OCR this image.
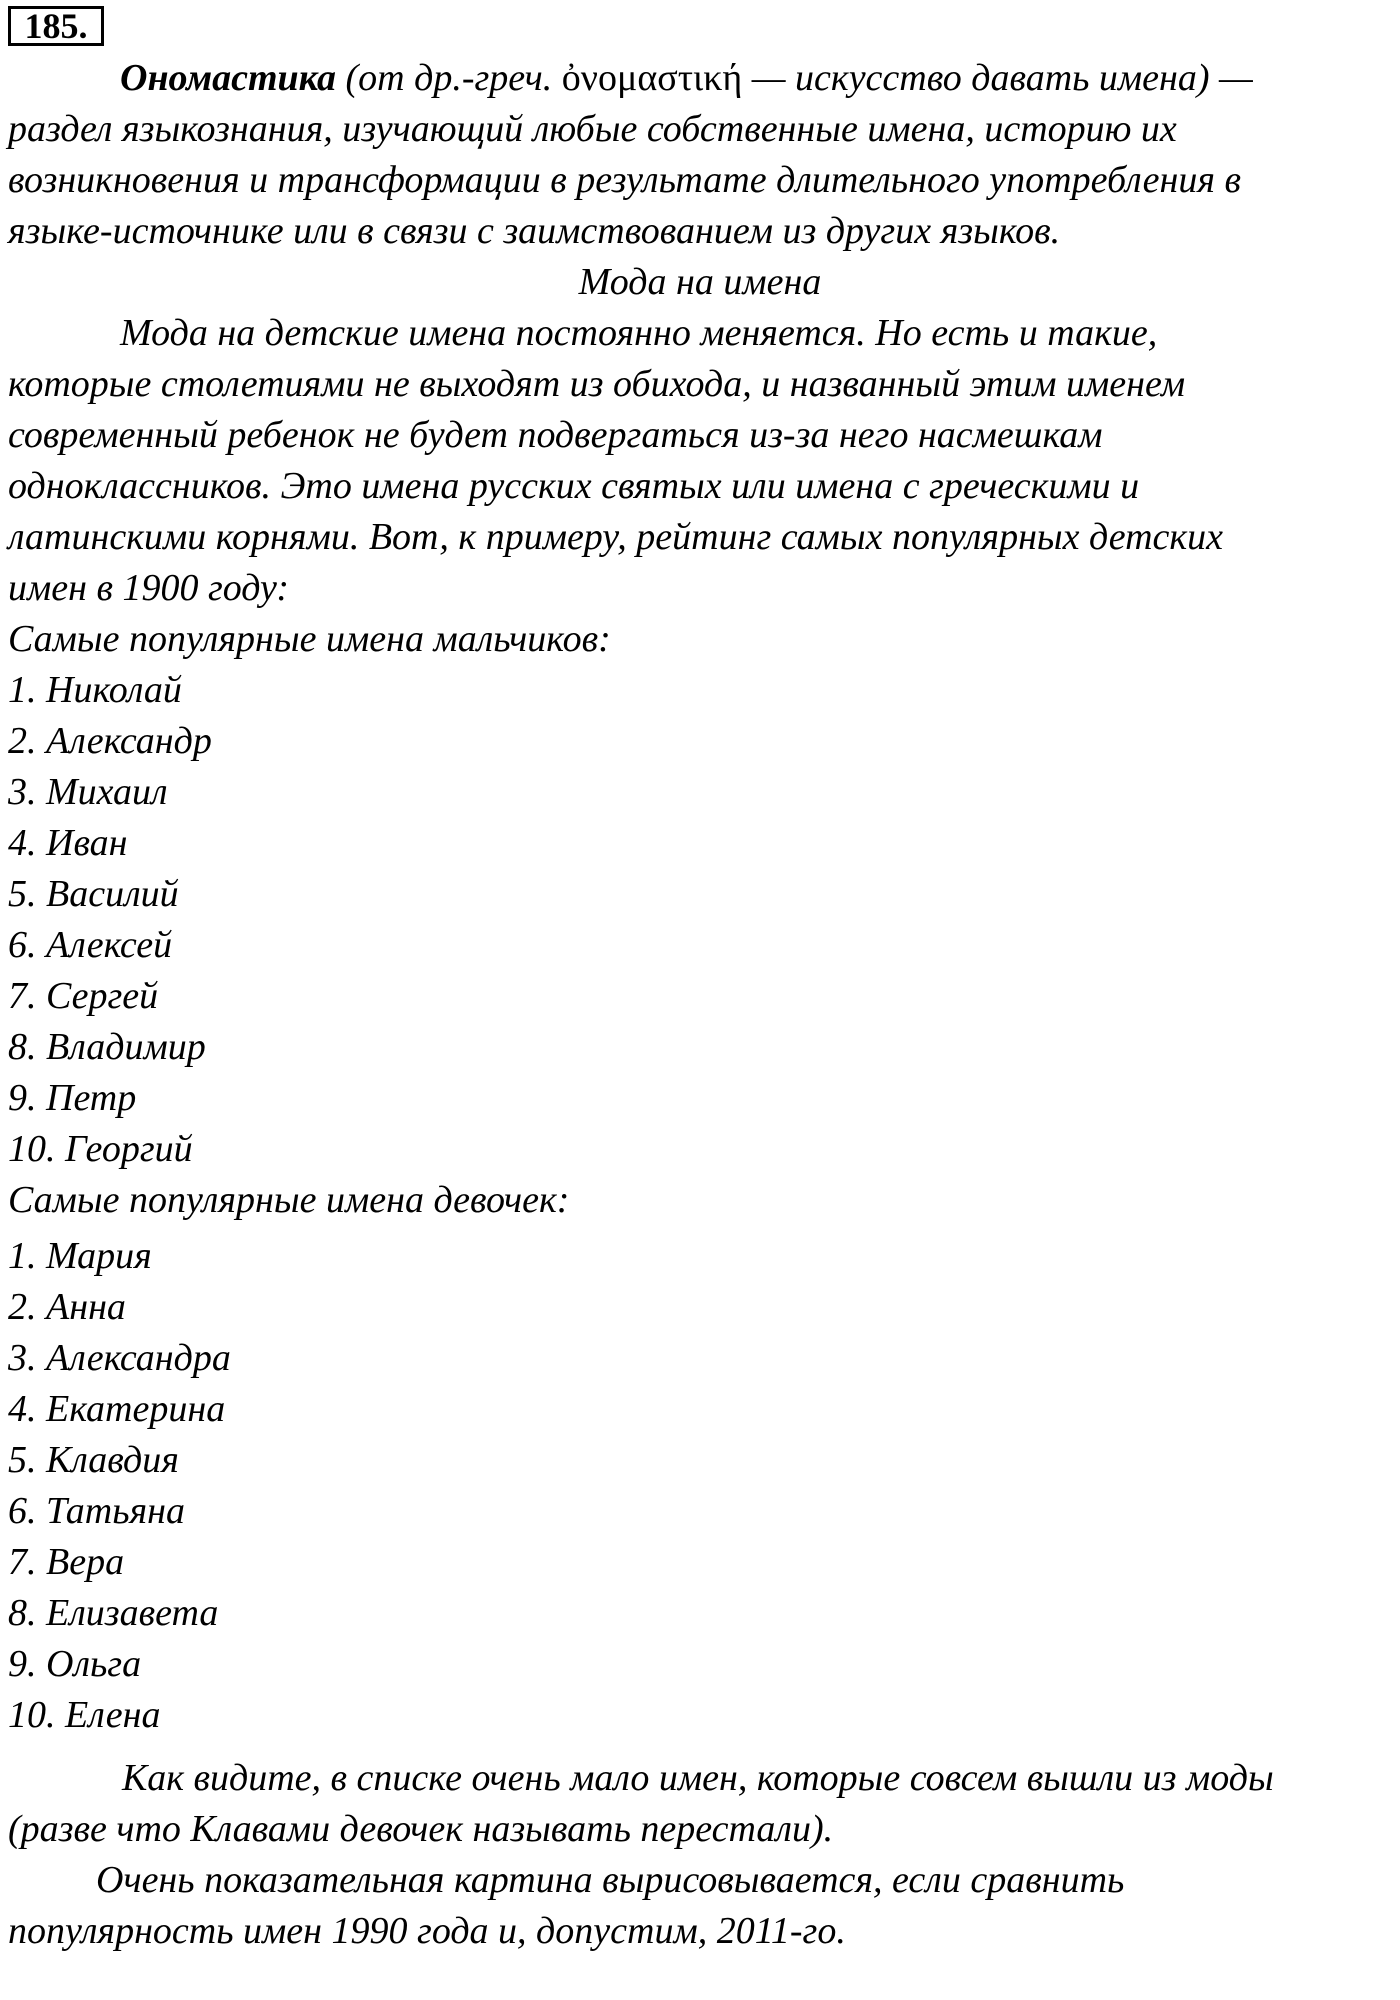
185.

Ономастика (от др.-греч. ὀνομαστική — искусство давать имена) —

раздел языкознания, изучающий любые собственные имена, историю их

возникновения и трансформации в результате длительного употребления в

языке-источнике или в связи с заимствованием из других языков.

Мода на имена

Мода на детские имена постоянно меняется. Но есть и такие,

которые столетиями не выходят из обихода, и названный этим именем

современный ребенок не будет подвергаться из-за него насмешкам

одноклассников. Это имена русских святых или имена с греческими и

латинскими корнями. Вот, к примеру, рейтинг самых популярных детских

имен в 1900 году:

Самые популярные имена мальчиков:

1. Николай

2. Александр

3. Михаил

4. Иван

5. Василий

6. Алексей

7. Сергей

8. Владимир

9. Петр

10. Георгий

Самые популярные имена девочек:

1. Мария

2. Анна

3. Александра

4. Екатерина

5. Клавдия

6. Татьяна

7. Вера

8. Елизавета

9. Ольга

10. Елена

Как видите, в списке очень мало имен, которые совсем вышли из моды

(разве что Клавами девочек называть перестали).

Очень показательная картина вырисовывается, если сравнить

популярность имен 1990 года и, допустим, 2011-го.
